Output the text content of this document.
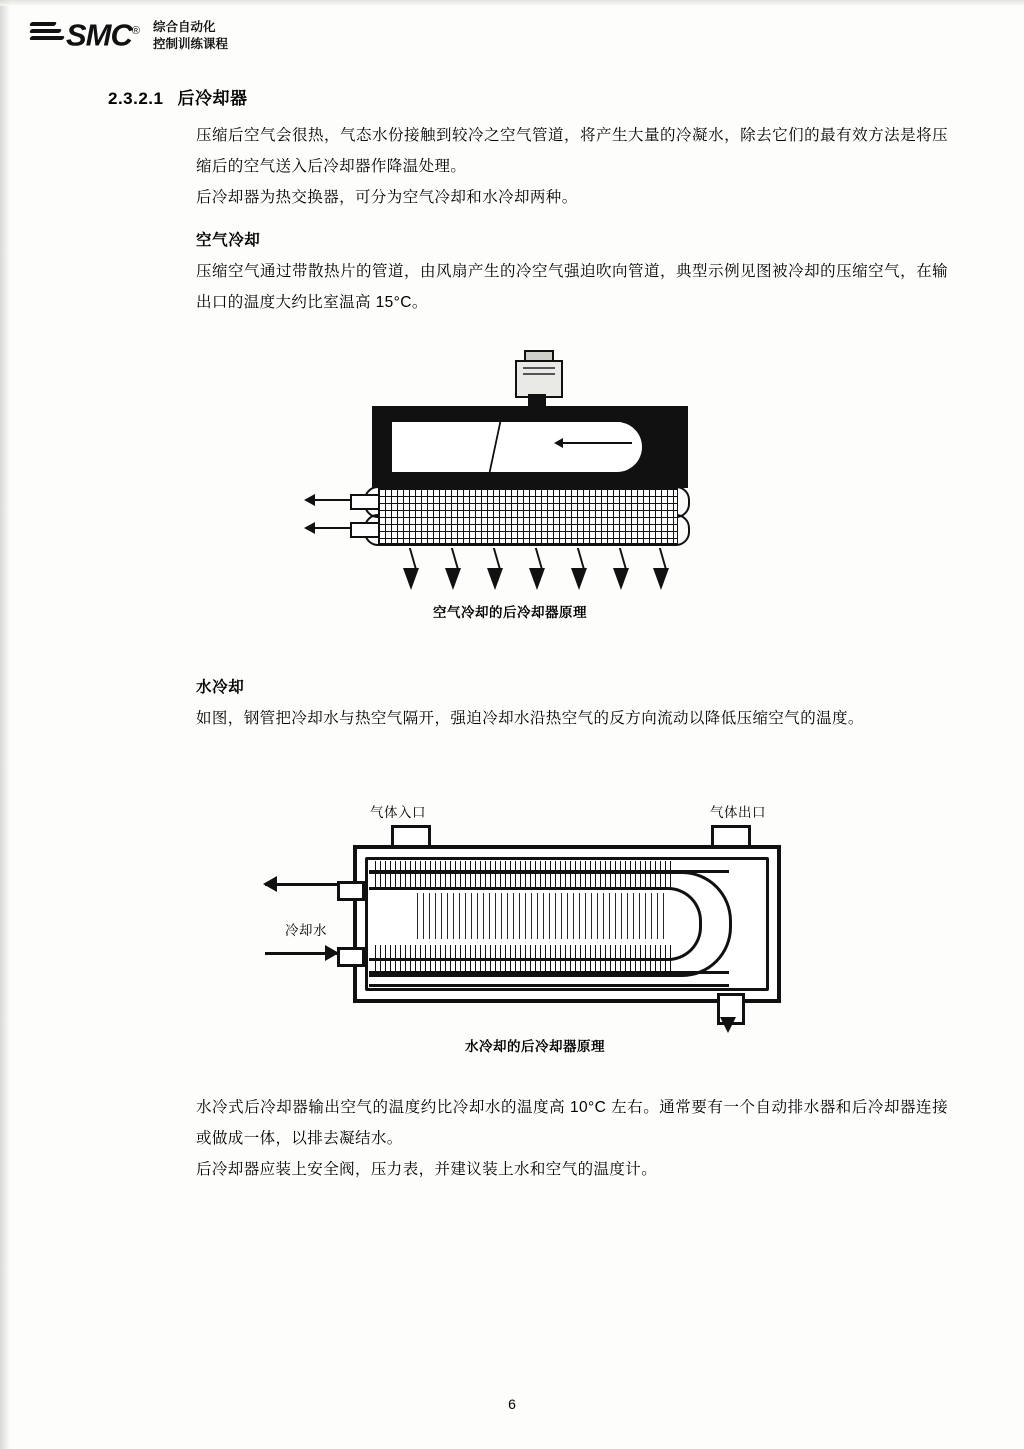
SMC® 综合自动化
控制训练课程
2.3.2.1 后冷却器

压缩后空气会很热，气态水份接触到较冷之空气管道，将产生大量的冷凝水，除去它们的最有效方法是将压缩后的空气送入后冷却器作降温处理。

后冷却器为热交换器，可分为空气冷却和水冷却两种。

空气冷却

压缩空气通过带散热片的管道，由风扇产生的冷空气强迫吹向管道，典型示例见图被冷却的压缩空气，在输出口的温度大约比室温高 15°C。

空气冷却的后冷却器原理
水冷却

如图，钢管把冷却水与热空气隔开，强迫冷却水沿热空气的反方向流动以降低压缩空气的温度。

气体入口	气体出口
冷却水
水冷却的后冷却器原理

水冷式后冷却器输出空气的温度约比冷却水的温度高 10°C 左右。通常要有一个自动排水器和后冷却器连接或做成一体，以排去凝结水。

后冷却器应装上安全阀，压力表，并建议装上水和空气的温度计。

6
